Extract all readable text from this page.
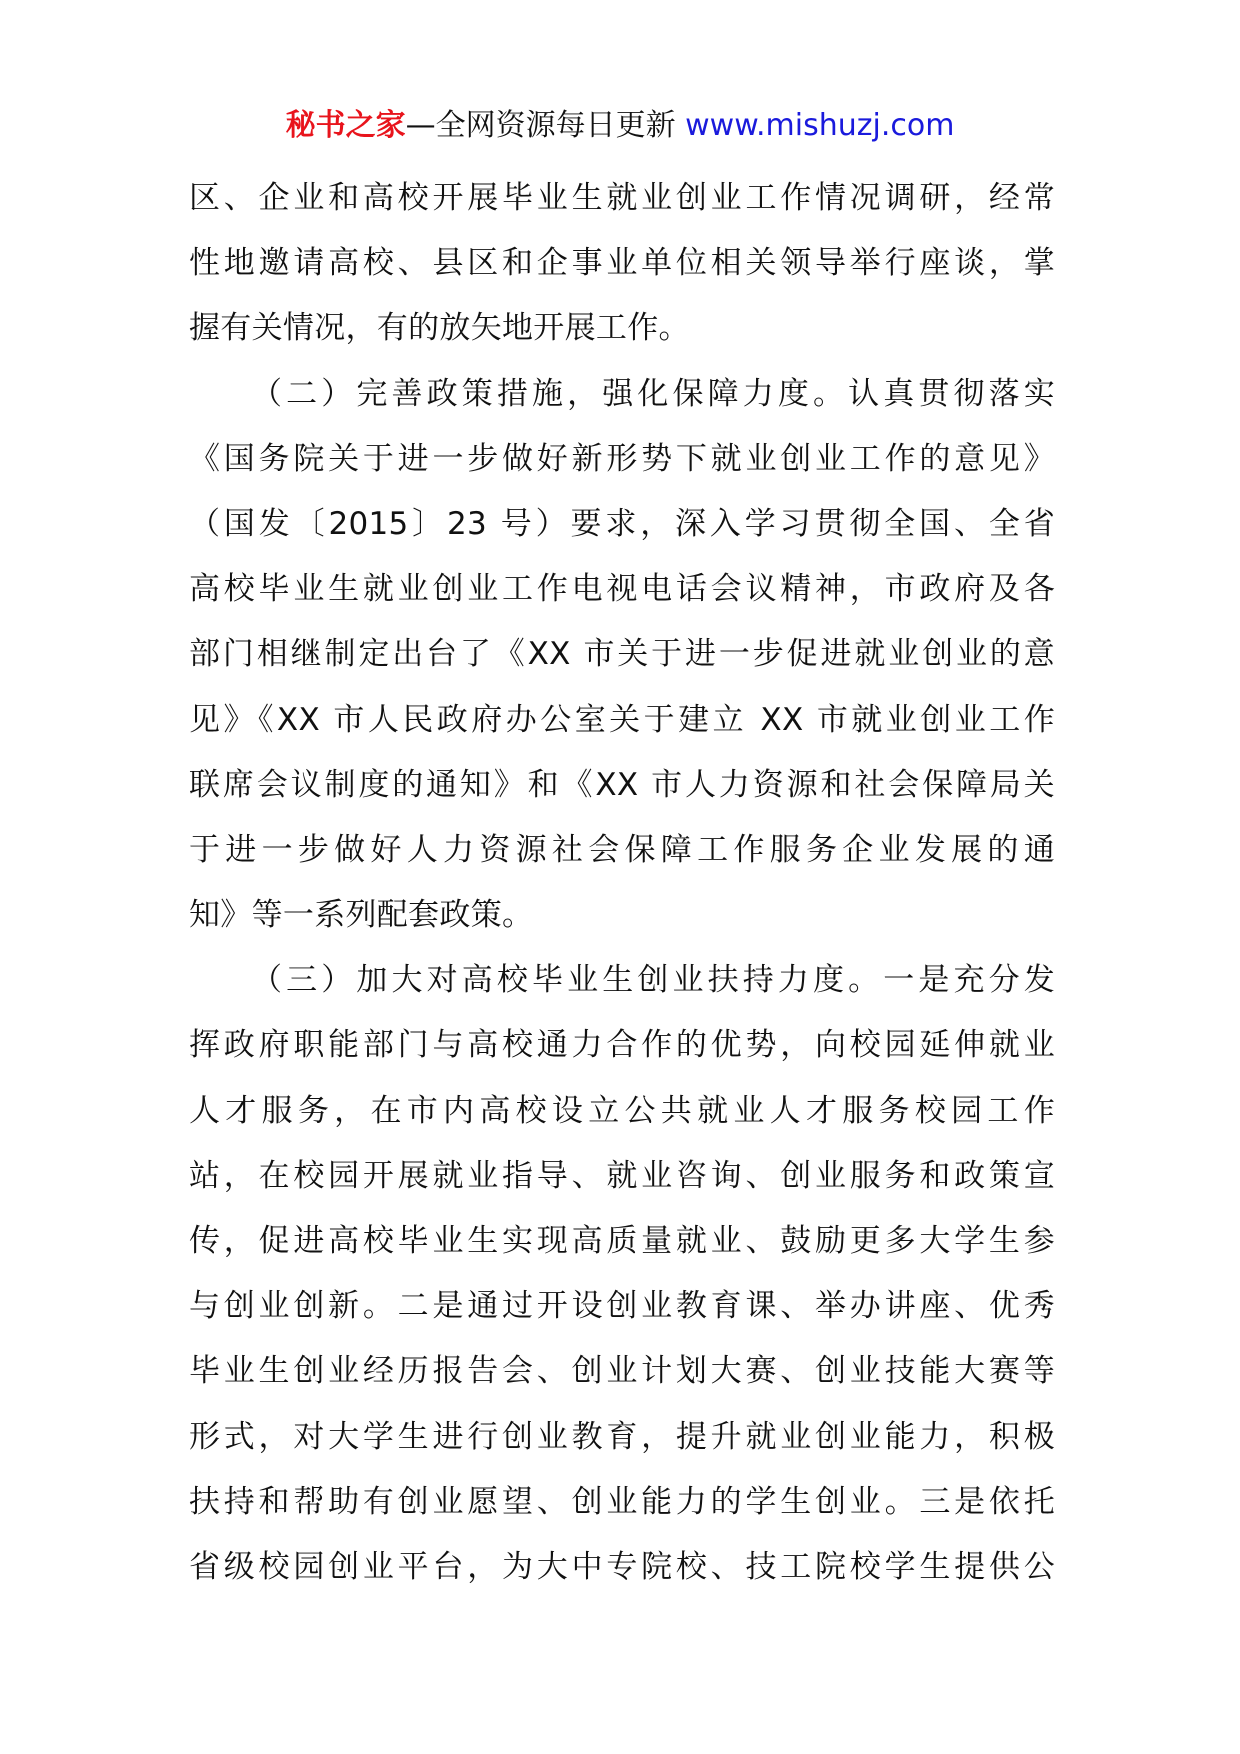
秘书之家—全网资源每日更新 www.mishuzj.com
区、企业和高校开展毕业生就业创业工作情况调研，经常
性地邀请高校、县区和企事业单位相关领导举行座谈，掌
握有关情况，有的放矢地开展工作。
（二）完善政策措施，强化保障力度。认真贯彻落实
《国务院关于进一步做好新形势下就业创业工作的意见》
（国发〔2015〕23 号）要求，深入学习贯彻全国、全省
高校毕业生就业创业工作电视电话会议精神，市政府及各
部门相继制定出台了《XX 市关于进一步促进就业创业的意
见》《XX 市人民政府办公室关于建立 XX 市就业创业工作
联席会议制度的通知》和《XX 市人力资源和社会保障局关
于进一步做好人力资源社会保障工作服务企业发展的通
知》等一系列配套政策。
（三）加大对高校毕业生创业扶持力度。一是充分发
挥政府职能部门与高校通力合作的优势，向校园延伸就业
人才服务，在市内高校设立公共就业人才服务校园工作
站，在校园开展就业指导、就业咨询、创业服务和政策宣
传，促进高校毕业生实现高质量就业、鼓励更多大学生参
与创业创新。二是通过开设创业教育课、举办讲座、优秀
毕业生创业经历报告会、创业计划大赛、创业技能大赛等
形式，对大学生进行创业教育，提升就业创业能力，积极
扶持和帮助有创业愿望、创业能力的学生创业。三是依托
省级校园创业平台，为大中专院校、技工院校学生提供公
